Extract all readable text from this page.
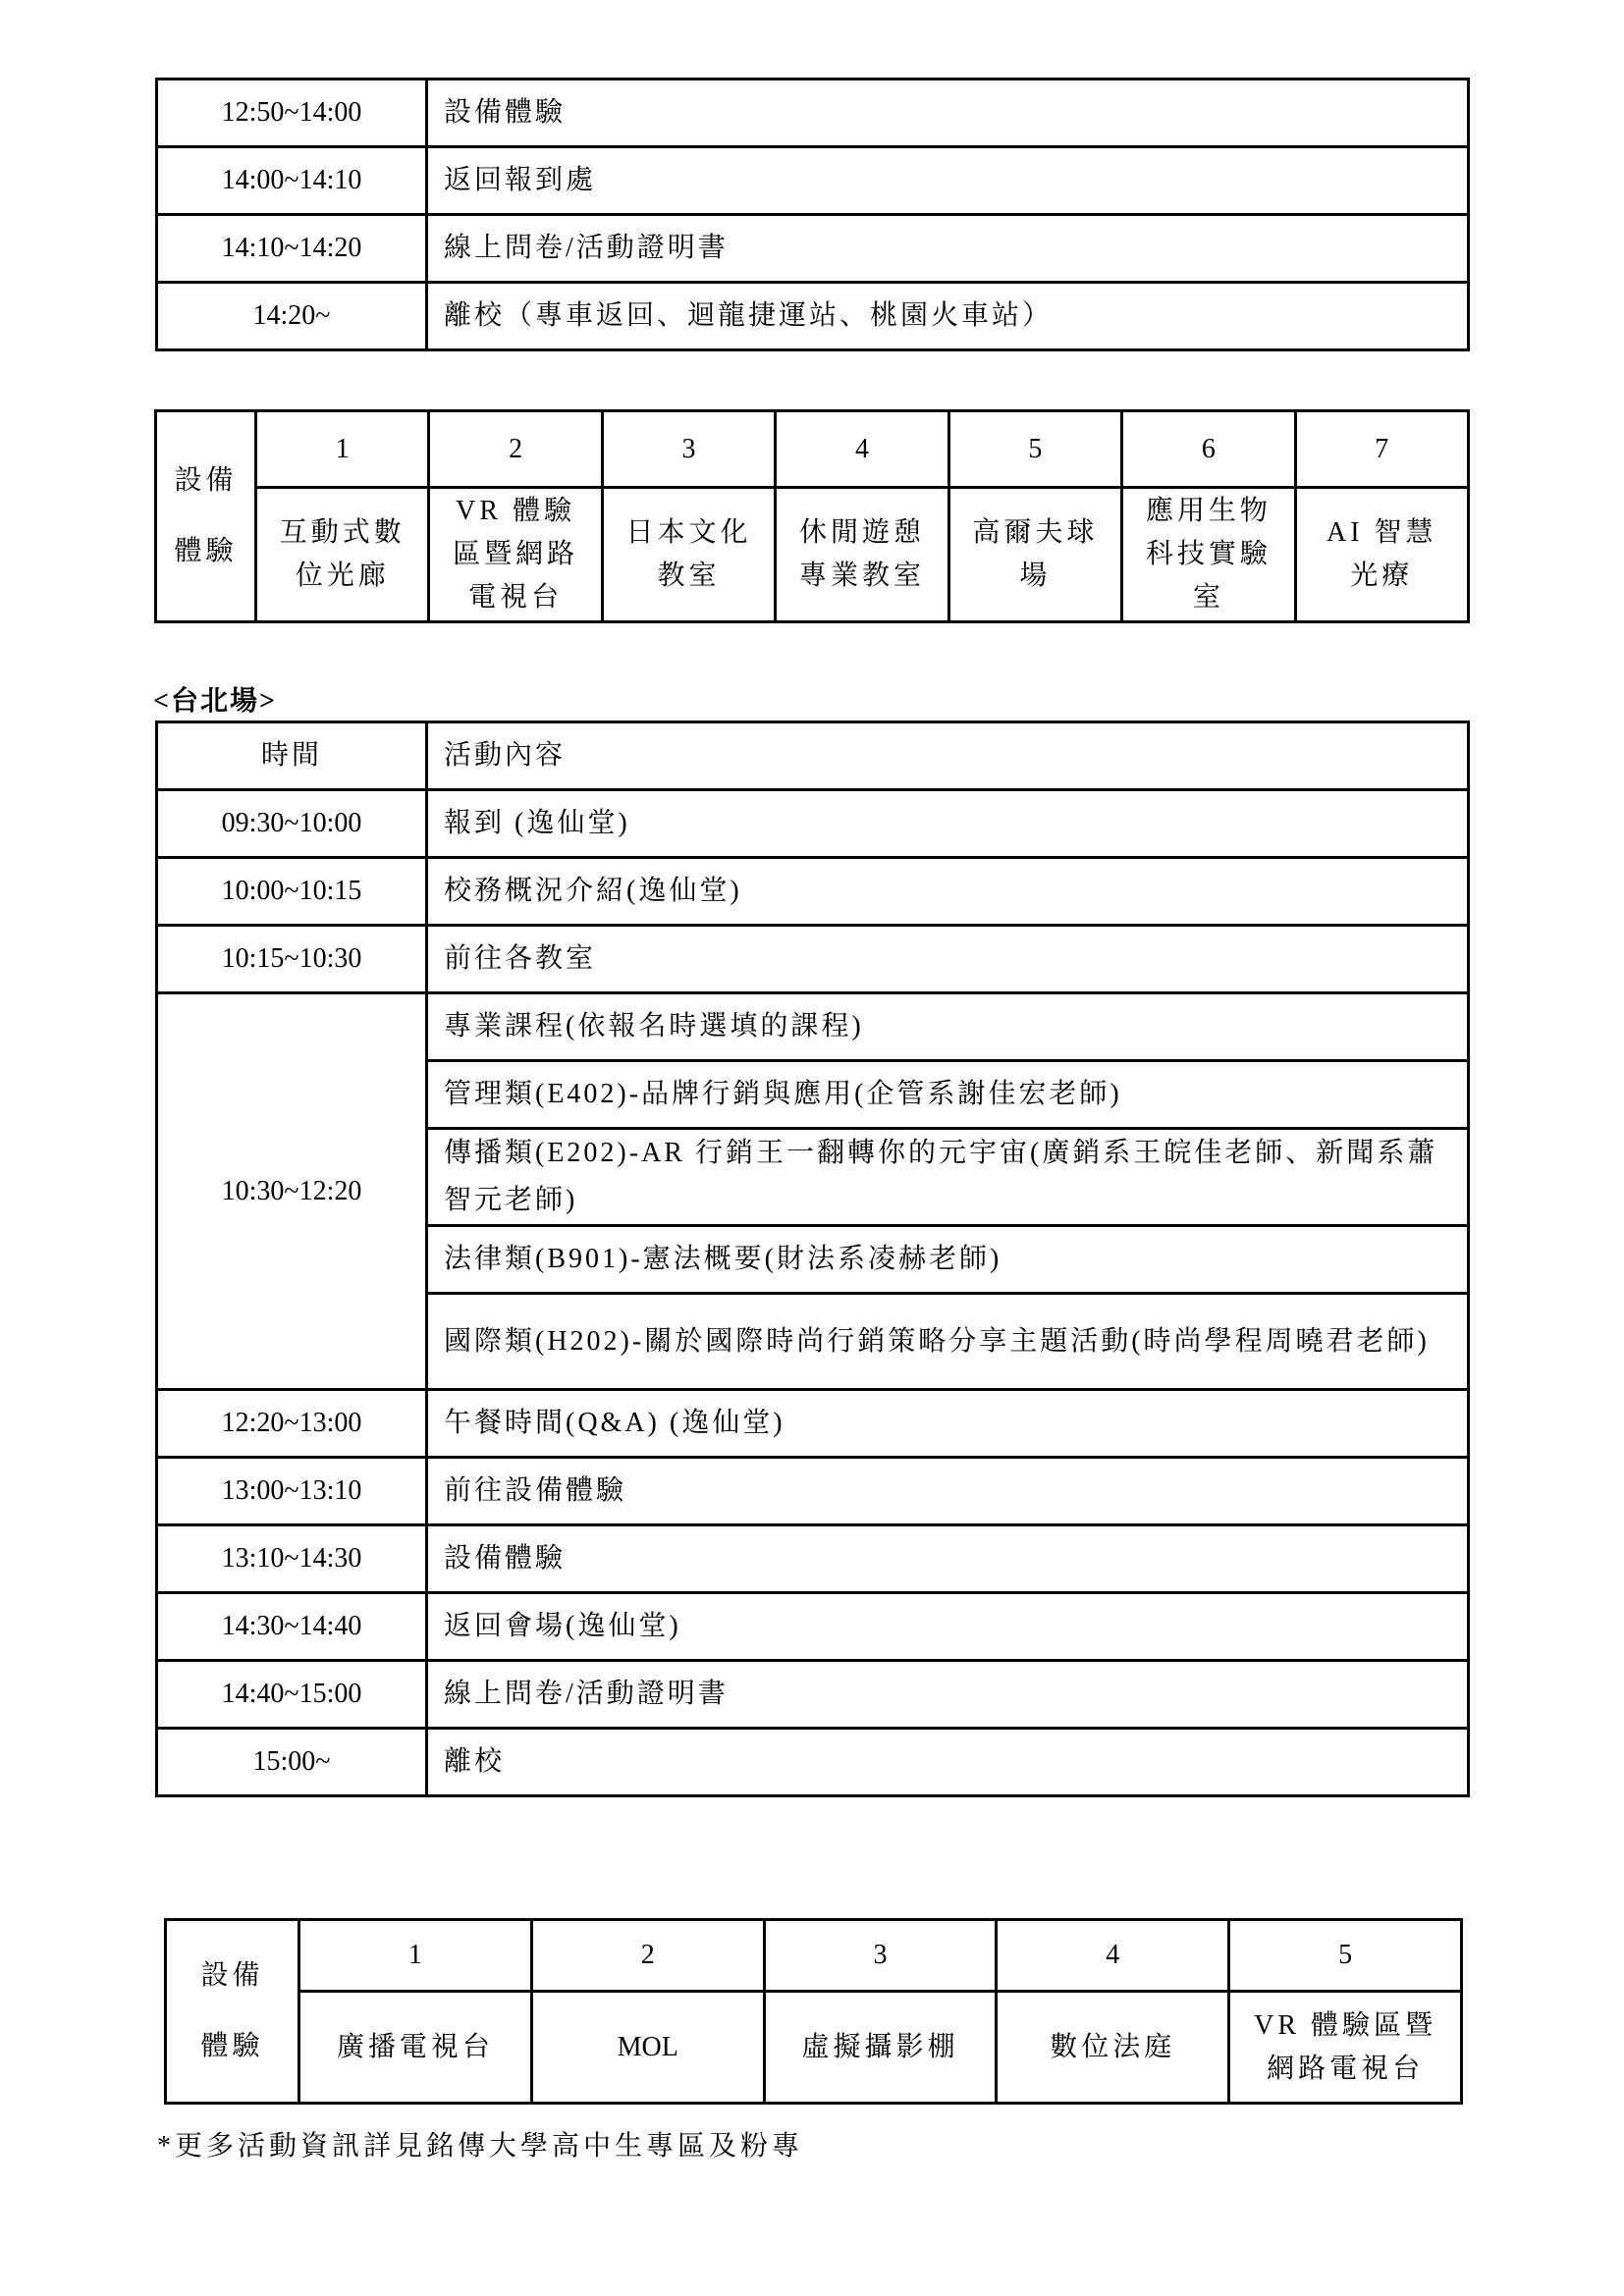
12:50~14:00	設備體驗
14:00~14:10	返回報到處
14:10~14:20	線上問卷/活動證明書
14:20~	離校（專車返回、迴龍捷運站、桃園火車站）
設備
體驗	1	2	3	4	5	6	7
	互動式數位光廊	VR 體驗區暨網路電視台	日本文化教室	休閒遊憩專業教室	高爾夫球場	應用生物科技實驗室	AI 智慧光療
<台北場>
時間	活動內容
09:30~10:00	報到 (逸仙堂)
10:00~10:15	校務概況介紹(逸仙堂)
10:15~10:30	前往各教室
10:30~12:20	專業課程(依報名時選填的課程)
	管理類(E402)-品牌行銷與應用(企管系謝佳宏老師)
	傳播類(E202)-AR 行銷王一翻轉你的元宇宙(廣銷系王皖佳老師、新聞系蕭智元老師)
	法律類(B901)-憲法概要(財法系凌赫老師)
	國際類(H202)-關於國際時尚行銷策略分享主題活動(時尚學程周曉君老師)
12:20~13:00	午餐時間(Q&A) (逸仙堂)
13:00~13:10	前往設備體驗
13:10~14:30	設備體驗
14:30~14:40	返回會場(逸仙堂)
14:40~15:00	線上問卷/活動證明書
15:00~	離校
設備
體驗	1	2	3	4	5
	廣播電視台	MOL	虛擬攝影棚	數位法庭	VR 體驗區暨網路電視台
*更多活動資訊詳見銘傳大學高中生專區及粉專
